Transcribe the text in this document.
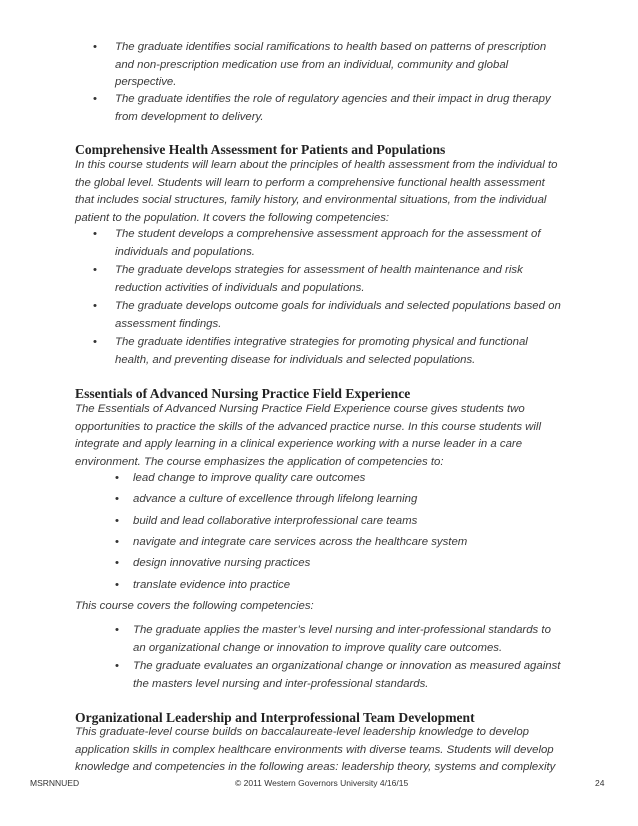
• The graduate identifies social ramifications to health based on patterns of prescription
and non-prescription medication use from an individual, community and global
perspective.
• The graduate identifies the role of regulatory agencies and their impact in drug therapy
from development to delivery.
Comprehensive Health Assessment for Patients and Populations

In this course students will learn about the principles of health assessment from the individual to
the global level. Students will learn to perform a comprehensive functional health assessment
that includes social structures, family history, and environmental situations, from the individual
patient to the population. It covers the following competencies:

• The student develops a comprehensive assessment approach for the assessment of
individuals and populations.
• The graduate develops strategies for assessment of health maintenance and risk
reduction activities of individuals and populations.
• The graduate develops outcome goals for individuals and selected populations based on
assessment findings.
• The graduate identifies integrative strategies for promoting physical and functional
health, and preventing disease for individuals and selected populations.
Essentials of Advanced Nursing Practice Field Experience

The Essentials of Advanced Nursing Practice Field Experience course gives students two
opportunities to practice the skills of the advanced practice nurse. In this course students will
integrate and apply learning in a clinical experience working with a nurse leader in a care
environment. The course emphasizes the application of competencies to:

• lead change to improve quality care outcomes
• advance a culture of excellence through lifelong learning
• build and lead collaborative interprofessional care teams
• navigate and integrate care services across the healthcare system
• design innovative nursing practices
• translate evidence into practice

This course covers the following competencies:

• The graduate applies the master’s level nursing and inter-professional standards to
an organizational change or innovation to improve quality care outcomes.
• The graduate evaluates an organizational change or innovation as measured against
the masters level nursing and inter-professional standards.
Organizational Leadership and Interprofessional Team Development

This graduate-level course builds on baccalaureate-level leadership knowledge to develop
application skills in complex healthcare environments with diverse teams. Students will develop
knowledge and competencies in the following areas: leadership theory, systems and complexity

MSRNNUED	© 2011 Western Governors University 4/16/15	24
